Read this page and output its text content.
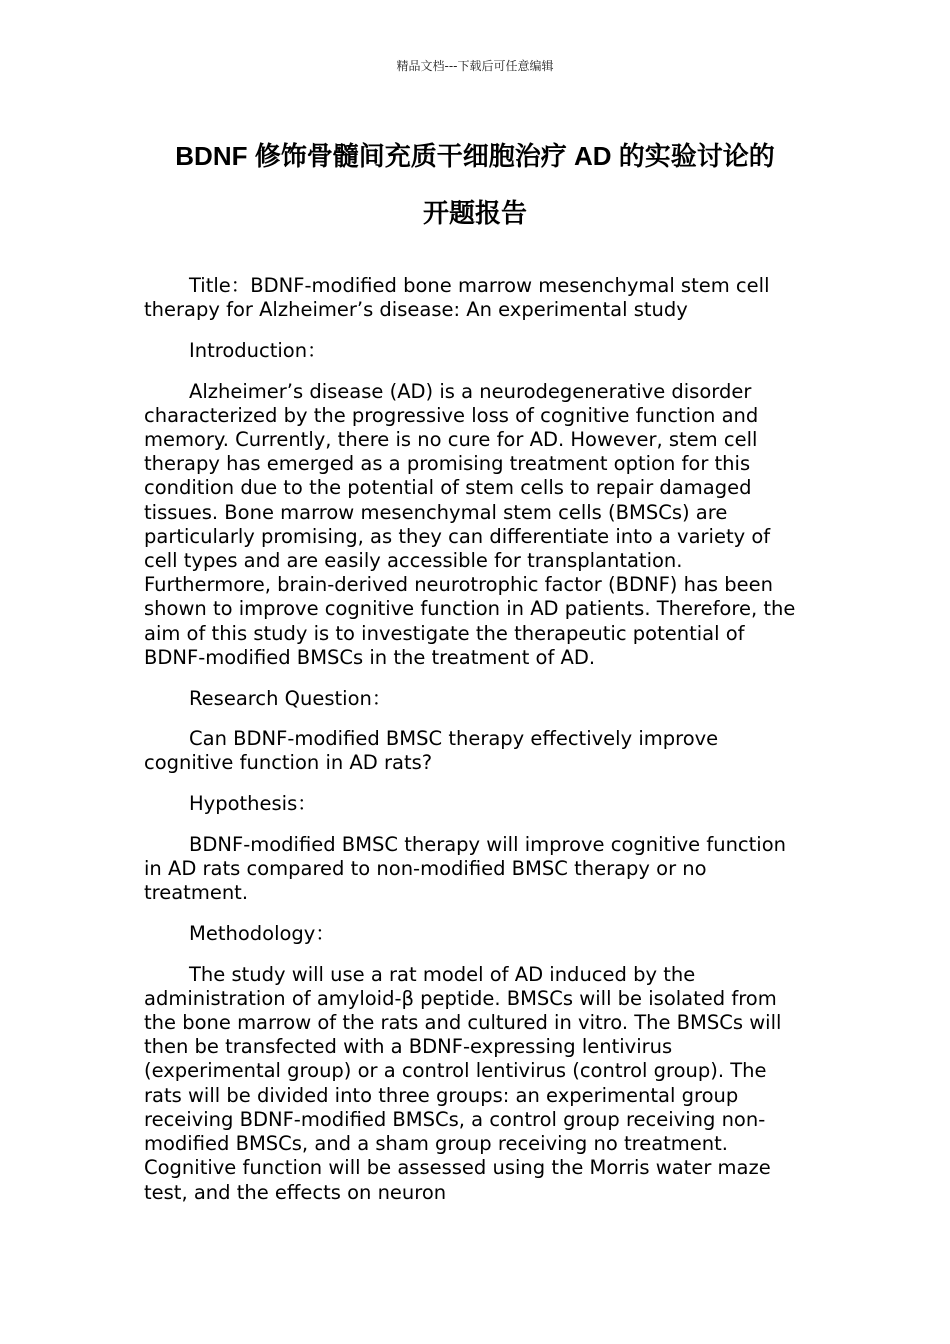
精品文档---下载后可任意编辑
BDNF 修饰骨髓间充质干细胞治疗 AD 的实验讨论的
开题报告

Title：BDNF-modified bone marrow mesenchymal stem cell therapy for Alzheimer’s disease: An experimental study

Introduction：

Alzheimer’s disease (AD) is a neurodegenerative disorder characterized by the progressive loss of cognitive function and memory. Currently, there is no cure for AD. However, stem cell therapy has emerged as a promising treatment option for this condition due to the potential of stem cells to repair damaged tissues. Bone marrow mesenchymal stem cells (BMSCs) are particularly promising, as they can differentiate into a variety of cell types and are easily accessible for transplantation. Furthermore, brain-derived neurotrophic factor (BDNF) has been shown to improve cognitive function in AD patients. Therefore, the aim of this study is to investigate the therapeutic potential of BDNF-modified BMSCs in the treatment of AD.

Research Question：

Can BDNF-modified BMSC therapy effectively improve cognitive function in AD rats?

Hypothesis：

BDNF-modified BMSC therapy will improve cognitive function in AD rats compared to non-modified BMSC therapy or no treatment.

Methodology：

The study will use a rat model of AD induced by the administration of amyloid-β peptide. BMSCs will be isolated from the bone marrow of the rats and cultured in vitro. The BMSCs will then be transfected with a BDNF-expressing lentivirus (experimental group) or a control lentivirus (control group). The rats will be divided into three groups: an experimental group receiving BDNF-modified BMSCs, a control group receiving non-modified BMSCs, and a sham group receiving no treatment. Cognitive function will be assessed using the Morris water maze test, and the effects on neuron
